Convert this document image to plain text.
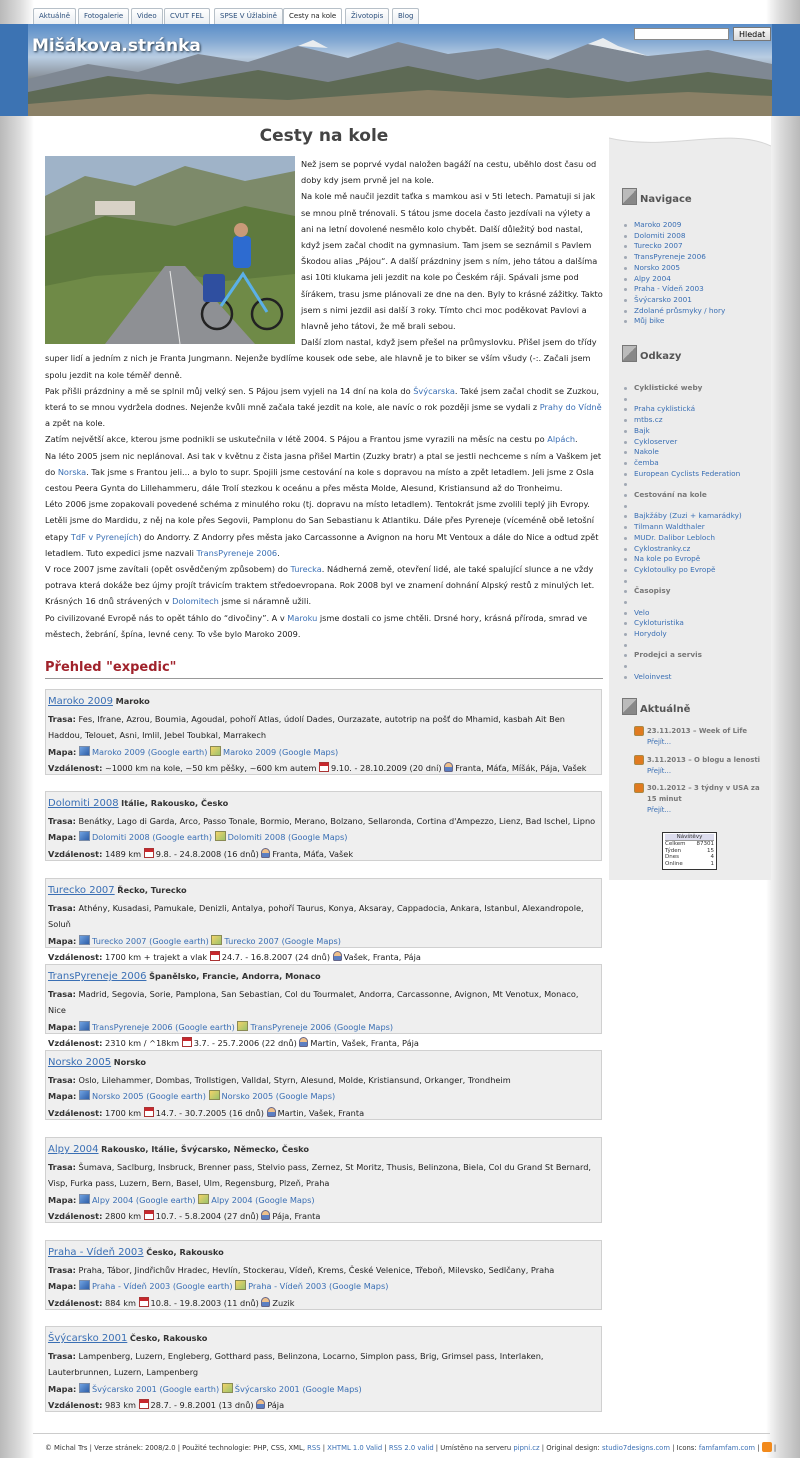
Aktuálně	Fotogalerie	Video	CVUT FEL	SPSE V Úžlabině	Cesty na kole	Životopis	Blog
Mišákova.stránka
Hledat
Cesty na kole

Než jsem se poprvé vydal naložen bagáží na cestu, uběhlo dost času od doby kdy jsem prvně jel na kole.

Na kole mě naučil jezdit taťka s mamkou asi v 5ti letech. Pamatuji si jak se mnou plně trénovali. S tátou jsme docela často jezdívali na výlety a ani na letní dovolené nesmělo kolo chybět. Další důležitý bod nastal, když jsem začal chodit na gymnasium. Tam jsem se seznámil s Pavlem Škodou alias „Pájou“. A další prázdniny jsem s ním, jeho tátou a dalšíma asi 10ti klukama jeli jezdit na kole po Českém ráji. Spávali jsme pod šírákem, trasu jsme plánovali ze dne na den. Byly to krásné zážitky. Takto jsem s nimi jezdil asi další 3 roky. Tímto chci moc poděkovat Pavlovi a hlavně jeho tátovi, že mě brali sebou.

Další zlom nastal, když jsem přešel na průmyslovku. Přišel jsem do třídy super lidí a jedním z nich je Franta Jungmann. Nejenže bydlíme kousek ode sebe, ale hlavně je to biker se vším všudy (-:. Začali jsem spolu jezdit na kole téměř denně.

Pak přišli prázdniny a mě se splnil můj velký sen. S Pájou jsem vyjeli na 14 dní na kola do Švýcarska. Také jsem začal chodit se Zuzkou, která to se mnou vydržela dodnes. Nejenže kvůli mně začala také jezdit na kole, ale navíc o rok později jsme se vydali z Prahy do Vídně a zpět na kole.

Zatím největší akce, kterou jsme podnikli se uskutečnila v létě 2004. S Pájou a Frantou jsme vyrazili na měsíc na cestu po Alpách.

Na léto 2005 jsem nic neplánoval. Asi tak v květnu z čista jasna přišel Martin (Zuzky bratr) a ptal se jestli nechceme s ním a Vaškem jet do Norska. Tak jsme s Frantou jeli... a bylo to supr. Spojili jsme cestování na kole s dopravou na místo a zpět letadlem. Jeli jsme z Osla cestou Peera Gynta do Lillehammeru, dále Trolí stezkou k oceánu a přes města Molde, Alesund, Kristiansund až do Tronheimu.

Léto 2006 jsme zopakovali povedené schéma z minulého roku (tj. dopravu na místo letadlem). Tentokrát jsme zvolili teplý jih Evropy. Letěli jsme do Mardidu, z něj na kole přes Segovii, Pamplonu do San Sebastianu k Atlantiku. Dále přes Pyreneje (víceméně obě letošní etapy TdF v Pyrenejích) do Andorry. Z Andorry přes města jako Carcassonne a Avignon na horu Mt Ventoux a dále do Nice a odtud zpět letadlem. Tuto expedici jsme nazvali TransPyreneje 2006.

V roce 2007 jsme zavítali (opět osvědčeným způsobem) do Turecka. Nádherná země, otevření lidé, ale také spalující slunce a ne vždy potrava která dokáže bez újmy projít trávicím traktem středoevropana. Rok 2008 byl ve znamení dohnání Alpský restů z minulých let. Krásných 16 dnů strávených v Dolomitech jsme si náramně užili.

Po civilizované Evropě nás to opět táhlo do “divočiny”. A v Maroku jsme dostali co jsme chtěli. Drsné hory, krásná příroda, smrad ve městech, žebrání, špína, levné ceny. To vše bylo Maroko 2009.

Přehled "expedic"
Navigace
Maroko 2009
Dolomiti 2008
Turecko 2007
TransPyreneje 2006
Norsko 2005
Alpy 2004
Praha - Vídeň 2003
Švýcarsko 2001
Zdolané průsmyky / hory
Můj bike
Odkazy
Cyklistické weby
Praha cyklistická
mtbs.cz
Bajk
Cykloserver
Nakole
čemba
European Cyclists Federation
Cestování na kole
Bajkžáby (Zuzi + kamarádky)
Tilmann Waldthaler
MUDr. Dalibor Lebloch
Cyklostranky.cz
Na kole po Evropě
Cyklotoulky po Evropě
Časopisy
Velo
Cykloturistika
Horydoly
Prodejci a servis
Veloinvest
Aktuálně
23.11.2013 – Week of Life
Přejít...
3.11.2013 – O blogu a lenosti
Přejít...
30.1.2012 – 3 týdny v USA za 15 minut
Přejít...
Návštěvy
Celkem 87301
Týden	15
Dnes	4
Online	1
Maroko 2009 Maroko
Trasa: Fes, Ifrane, Azrou, Boumia, Agoudal, pohoří Atlas, údolí Dades, Ourzazate, autotrip na pošť do Mhamid, kasbah Ait Ben Haddou, Telouet, Asni, Imlil, Jebel Toubkal, Marrakech
Mapa: Maroko 2009 (Google earth) Maroko 2009 (Google Maps)
Vzdálenost: ~1000 km na kole, ~50 km pěšky, ~600 km autem 9.10. - 28.10.2009 (20 dní) Franta, Máťa, Míšák, Pája, Vašek
Dolomiti 2008 Itálie, Rakousko, Česko
Trasa: Benátky, Lago di Garda, Arco, Passo Tonale, Bormio, Merano, Bolzano, Sellaronda, Cortina d'Ampezzo, Lienz, Bad Ischel, Lipno
Mapa: Dolomiti 2008 (Google earth) Dolomiti 2008 (Google Maps)
Vzdálenost: 1489 km 9.8. - 24.8.2008 (16 dnů) Franta, Máťa, Vašek
Turecko 2007 Řecko, Turecko
Trasa: Athény, Kusadasi, Pamukale, Denizli, Antalya, pohoří Taurus, Konya, Aksaray, Cappadocia, Ankara, Istanbul, Alexandropole, Soluň
Mapa: Turecko 2007 (Google earth) Turecko 2007 (Google Maps)
Vzdálenost: 1700 km + trajekt a vlak 24.7. - 16.8.2007 (24 dnů) Vašek, Franta, Pája
TransPyreneje 2006 Španělsko, Francie, Andorra, Monaco
Trasa: Madrid, Segovia, Sorie, Pamplona, San Sebastian, Col du Tourmalet, Andorra, Carcassonne, Avignon, Mt Venotux, Monaco, Nice
Mapa: TransPyreneje 2006 (Google earth) TransPyreneje 2006 (Google Maps)
Vzdálenost: 2310 km / ^18km 3.7. - 25.7.2006 (22 dnů) Martin, Vašek, Franta, Pája
Norsko 2005 Norsko
Trasa: Oslo, Lilehammer, Dombas, Trollstigen, Valldal, Styrn, Alesund, Molde, Kristiansund, Orkanger, Trondheim
Mapa: Norsko 2005 (Google earth) Norsko 2005 (Google Maps)
Vzdálenost: 1700 km 14.7. - 30.7.2005 (16 dnů) Martin, Vašek, Franta
Alpy 2004 Rakousko, Itálie, Švýcarsko, Německo, Česko
Trasa: Šumava, Saclburg, Insbruck, Brenner pass, Stelvio pass, Zernez, St Moritz, Thusis, Belinzona, Biela, Col du Grand St Bernard, Visp, Furka pass, Luzern, Bern, Basel, Ulm, Regensburg, Plzeň, Praha
Mapa: Alpy 2004 (Google earth) Alpy 2004 (Google Maps)
Vzdálenost: 2800 km 10.7. - 5.8.2004 (27 dnů) Pája, Franta
Praha - Vídeň 2003 Česko, Rakousko
Trasa: Praha, Tábor, Jindřichův Hradec, Hevlín, Stockerau, Vídeň, Krems, České Velenice, Třeboň, Milevsko, Sedlčany, Praha
Mapa: Praha - Vídeň 2003 (Google earth) Praha - Vídeň 2003 (Google Maps)
Vzdálenost: 884 km 10.8. - 19.8.2003 (11 dnů) Zuzik
Švýcarsko 2001 Česko, Rakousko
Trasa: Lampenberg, Luzern, Engleberg, Gotthard pass, Belinzona, Locarno, Simplon pass, Brig, Grimsel pass, Interlaken, Lauterbrunnen, Luzern, Lampenberg
Mapa: Švýcarsko 2001 (Google earth) Švýcarsko 2001 (Google Maps)
Vzdálenost: 983 km 28.7. - 9.8.2001 (13 dnů) Pája
© Michal Trs | Verze stránek: 2008/2.0 | Použité technologie: PHP, CSS, XML, RSS | XHTML 1.0 Valid | RSS 2.0 valid | Umístěno na serveru pipni.cz | Original design: studio7designs.com | Icons: famfamfam.com |  |
